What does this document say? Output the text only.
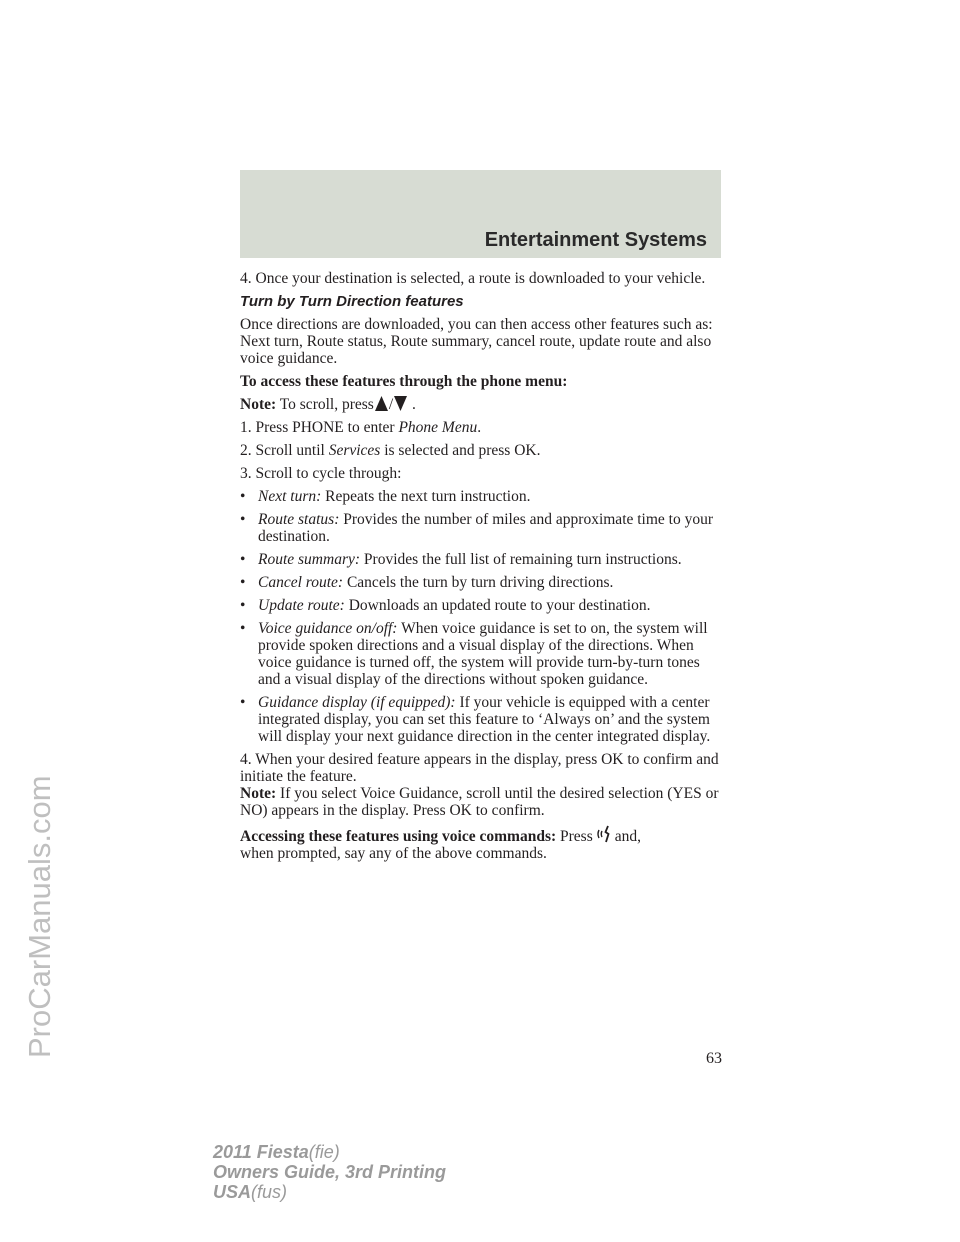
Entertainment Systems
ProCarManuals.com

4. Once your destination is selected, a route is downloaded to your vehicle.

Turn by Turn Direction features

Once directions are downloaded, you can then access other features such as: Next turn, Route status, Route summary, cancel route, update route and also voice guidance.

To access these features through the phone menu:

Note: To scroll, press / .

1. Press PHONE to enter Phone Menu.

2. Scroll until Services is selected and press OK.

3. Scroll to cycle through:

• Next turn: Repeats the next turn instruction.
• Route status: Provides the number of miles and approximate time to your destination.
• Route summary: Provides the full list of remaining turn instructions.
• Cancel route: Cancels the turn by turn driving directions.
• Update route: Downloads an updated route to your destination.
• Voice guidance on/off: When voice guidance is set to on, the system will provide spoken directions and a visual display of the directions. When voice guidance is turned off, the system will provide turn-by-turn tones and a visual display of the directions without spoken guidance.
• Guidance display (if equipped): If your vehicle is equipped with a center integrated display, you can set this feature to ‘Always on’ and the system will display your next guidance direction in the center integrated display.

4. When your desired feature appears in the display, press OK to confirm and initiate the feature.

Note: If you select Voice Guidance, scroll until the desired selection (YES or NO) appears in the display. Press OK to confirm.

Accessing these features using voice commands: Press and,
when prompted, say any of the above commands.

63
2011 Fiesta(fie)
Owners Guide, 3rd Printing
USA(fus)
